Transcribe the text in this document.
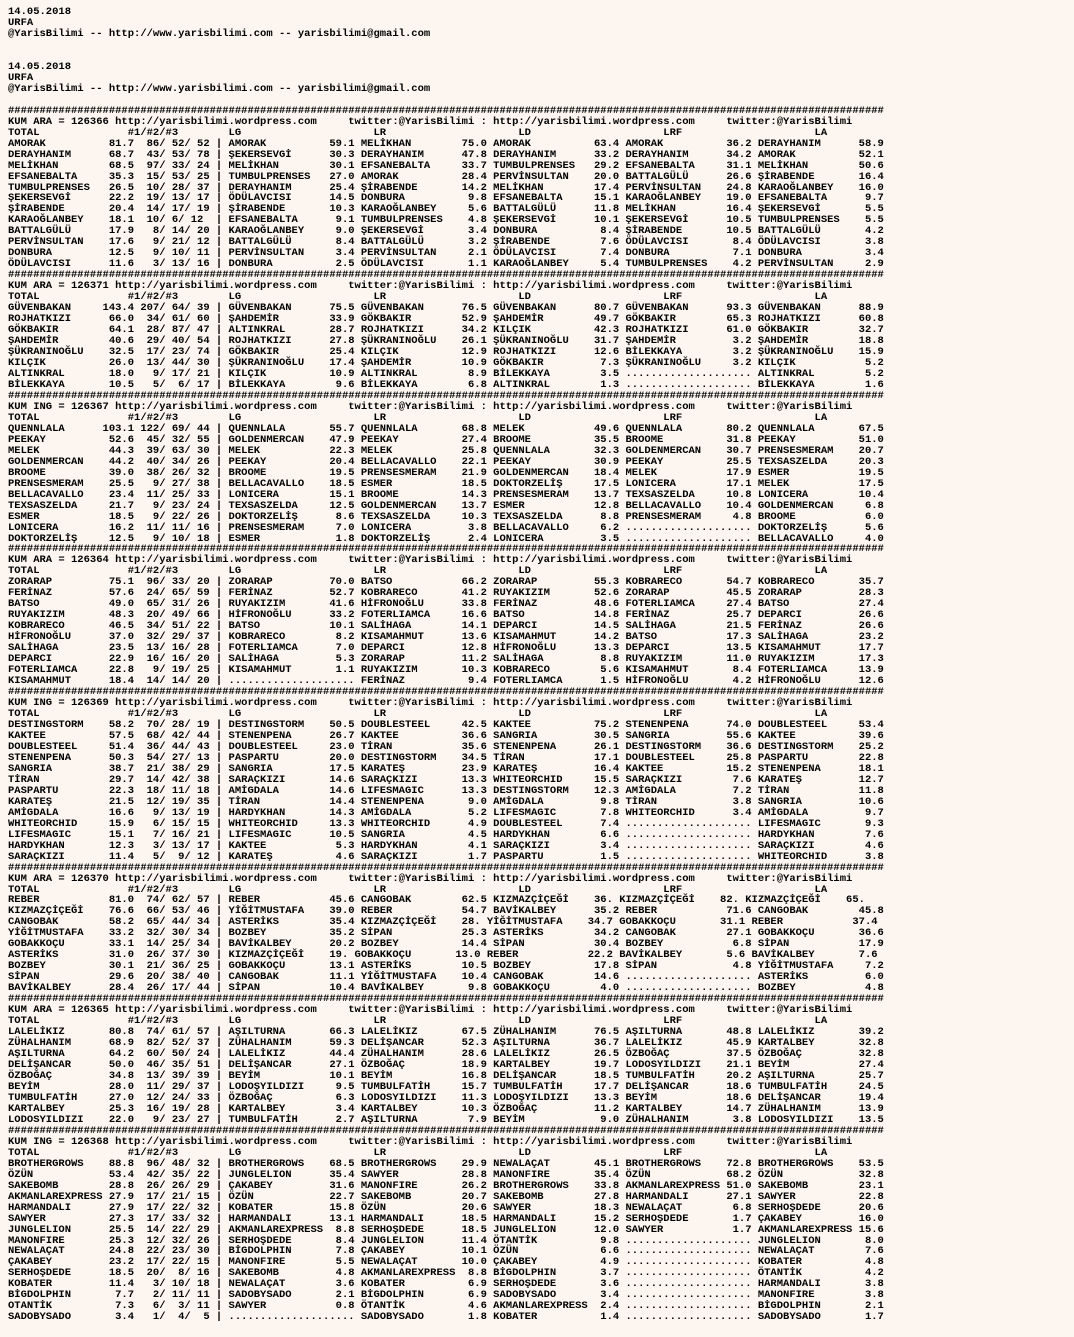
14.05.2018
URFA
@YarisBilimi -- http://www.yarisbilimi.com -- yarisbilimi@gmail.com

14.05.2018
URFA
@YarisBilimi -- http://www.yarisbilimi.com -- yarisbilimi@gmail.com

###########################################################################################################################################
KUM ARA = 126366 http://yarisbilimi.wordpress.com     twitter:@YarisBilimi : http://yarisbilimi.wordpress.com     twitter:@YarisBilimi
TOTAL              #1/#2/#3        LG                     LR                     LD                     LRF                     LA
AMORAK          81.7  86/ 52/ 52 | AMORAK          59.1 MELİKHAN        75.0 AMORAK          63.4 AMORAK          36.2 DERAYHANIM      58.9
DERAYHANIM      68.7  43/ 53/ 78 | ŞEKERSEVGİ      30.3 DERAYHANIM      47.8 DERAYHANIM      33.2 DERAYHANIM      34.2 AMORAK          52.1
MELİKHAN        68.5  97/ 33/ 24 | MELİKHAN        30.1 EFSANEBALTA     33.7 TUMBULPRENSES   29.2 EFSANEBALTA     31.1 MELİKHAN        50.6
EFSANEBALTA     35.3  15/ 53/ 25 | TUMBULPRENSES   27.0 AMORAK          28.4 PERVİNSULTAN    20.0 BATTALGÜLÜ      26.6 ŞİRABENDE       16.4
TUMBULPRENSES   26.5  10/ 28/ 37 | DERAYHANIM      25.4 ŞİRABENDE       14.2 MELİKHAN        17.4 PERVİNSULTAN    24.8 KARAOĞLANBEY    16.0
ŞEKERSEVGİ      22.2  19/ 13/ 17 | ÖDÜLAVCISI      14.5 DONBURA          9.8 EFSANEBALTA     15.1 KARAOĞLANBEY    19.0 EFSANEBALTA      9.7
ŞİRABENDE       20.4  14/ 17/ 19 | ŞİRABENDE       10.3 KARAOĞLANBEY     5.6 BATTALGÜLÜ      11.8 MELİKHAN        16.4 ŞEKERSEVGİ       5.5
KARAOĞLANBEY    18.1  10/ 6/ 12  | EFSANEBALTA      9.1 TUMBULPRENSES    4.8 ŞEKERSEVGİ      10.1 ŞEKERSEVGİ      10.5 TUMBULPRENSES    5.5
BATTALGÜLÜ      17.9   8/ 14/ 20 | KARAOĞLANBEY     9.0 ŞEKERSEVGİ       3.4 DONBURA          8.4 ŞİRABENDE       10.5 BATTALGÜLÜ       4.2
PERVİNSULTAN    17.6   9/ 21/ 12 | BATTALGÜLÜ       8.4 BATTALGÜLÜ       3.2 ŞİRABENDE        7.6 ÖDÜLAVCISI       8.4 ÖDÜLAVCISI       3.8
DONBURA         12.5   9/ 10/ 11 | PERVİNSULTAN     3.4 PERVİNSULTAN     2.1 ÖDÜLAVCISI       7.4 DONBURA          7.1 DONBURA          3.4
ÖDÜLAVCISI      11.6   3/ 13/ 16 | DONBURA          2.5 ÖDÜLAVCISI       1.1 KARAOĞLANBEY     5.4 TUMBULPRENSES    4.2 PERVİNSULTAN     2.9
###########################################################################################################################################
KUM ARA = 126371 http://yarisbilimi.wordpress.com     twitter:@YarisBilimi : http://yarisbilimi.wordpress.com     twitter:@YarisBilimi
TOTAL              #1/#2/#3        LG                     LR                     LD                     LRF                     LA
GÜVENBAKAN     143.4 207/ 64/ 39 | GÜVENBAKAN      75.5 GÜVENBAKAN      76.5 GÜVENBAKAN      80.7 GÜVENBAKAN      93.3 GÜVENBAKAN      88.9
ROJHATKIZI      66.0  34/ 61/ 60 | ŞAHDEMİR        33.9 GÖKBAKIR        52.9 ŞAHDEMİR        49.7 GÖKBAKIR        65.3 ROJHATKIZI      60.8
GÖKBAKIR        64.1  28/ 87/ 47 | ALTINKRAL       28.7 ROJHATKIZI      34.2 KILÇIK          42.3 ROJHATKIZI      61.0 GÖKBAKIR        32.7
ŞAHDEMİR        40.6  29/ 40/ 54 | ROJHATKIZI      27.8 ŞÜKRANINOĞLU    26.1 ŞÜKRANINOĞLU    31.7 ŞAHDEMİR         3.2 ŞAHDEMİR        18.8
ŞÜKRANINOĞLU    32.5  17/ 23/ 74 | GÖKBAKIR        25.4 KILÇIK          12.9 ROJHATKIZI      12.6 BİLEKKAYA        3.2 ŞÜKRANINOĞLU    15.9
KILÇIK          26.0  13/ 44/ 30 | ŞÜKRANINOĞLU    17.4 ŞAHDEMİR        10.9 GÖKBAKIR         7.3 ŞÜKRANINOĞLU     3.2 KILÇIK           5.2
ALTINKRAL       18.0   9/ 17/ 21 | KILÇIK          10.9 ALTINKRAL        8.9 BİLEKKAYA        3.5 .................... ALTINKRAL        5.2
BİLEKKAYA       10.5   5/  6/ 17 | BİLEKKAYA        9.6 BİLEKKAYA        6.8 ALTINKRAL        1.3 .................... BİLEKKAYA        1.6
###########################################################################################################################################
KUM ING = 126367 http://yarisbilimi.wordpress.com     twitter:@YarisBilimi : http://yarisbilimi.wordpress.com     twitter:@YarisBilimi
TOTAL              #1/#2/#3        LG                     LR                     LD                     LRF                     LA
QUENNLALA      103.1 122/ 69/ 44 | QUENNLALA       55.7 QUENNLALA       68.8 MELEK           49.6 QUENNLALA       80.2 QUENNLALA       67.5
PEEKAY          52.6  45/ 32/ 55 | GOLDENMERCAN    47.9 PEEKAY          27.4 BROOME          35.5 BROOME          31.8 PEEKAY          51.0
MELEK           44.3  39/ 63/ 30 | MELEK           22.3 MELEK           25.8 QUENNLALA       32.3 GOLDENMERCAN    30.7 PRENSESMERAM    20.7
GOLDENMERCAN    44.2  40/ 34/ 26 | PEEKAY          20.4 BELLACAVALLO    22.1 PEEKAY          30.9 PEEKAY          25.5 TEXSASZELDA     20.3
BROOME          39.0  38/ 26/ 32 | BROOME          19.5 PRENSESMERAM    21.9 GOLDENMERCAN    18.4 MELEK           17.9 ESMER           19.5
PRENSESMERAM    25.5   9/ 27/ 38 | BELLACAVALLO    18.5 ESMER           18.5 DOKTORZELİŞ     17.5 LONICERA        17.1 MELEK           17.5
BELLACAVALLO    23.4  11/ 25/ 33 | LONICERA        15.1 BROOME          14.3 PRENSESMERAM    13.7 TEXSASZELDA     10.8 LONICERA        10.4
TEXSASZELDA     21.7   9/ 23/ 24 | TEXSASZELDA     12.5 GOLDENMERCAN    13.7 ESMER           12.8 BELLACAVALLO    10.4 GOLDENMERCAN     6.8
ESMER           18.5   9/ 22/ 26 | DOKTORZELİŞ      8.6 TEXSASZELDA     10.3 TEXSASZELDA      8.8 PRENSESMERAM     4.8 BROOME           6.0
LONICERA        16.2  11/ 11/ 16 | PRENSESMERAM     7.0 LONICERA         3.8 BELLACAVALLO     6.2 .................... DOKTORZELİŞ      5.6
DOKTORZELİŞ     12.5   9/ 10/ 18 | ESMER            1.8 DOKTORZELİŞ      2.4 LONICERA         3.5 .................... BELLACAVALLO     4.0
###########################################################################################################################################
KUM ARA = 126364 http://yarisbilimi.wordpress.com     twitter:@YarisBilimi : http://yarisbilimi.wordpress.com     twitter:@YarisBilimi
TOTAL              #1/#2/#3        LG                     LR                     LD                     LRF                     LA
ZORARAP         75.1  96/ 33/ 20 | ZORARAP         70.0 BATSO           66.2 ZORARAP         55.3 KOBRARECO       54.7 KOBRARECO       35.7
FERİNAZ         57.6  24/ 65/ 59 | FERİNAZ         52.7 KOBRARECO       41.2 RUYAKIZIM       52.6 ZORARAP         45.5 ZORARAP         28.3
BATSO           49.0  65/ 31/ 26 | RUYAKIZIM       41.6 HİFRONOĞLU      33.8 FERİNAZ         48.6 FOTERLIAMCA     27.4 BATSO           27.4
RUYAKIZIM       48.3  20/ 49/ 66 | HİFRONOĞLU      33.2 FOTERLIAMCA     16.6 BATSO           14.8 FERİNAZ         25.7 DEPARCI         26.6
KOBRARECO       46.5  34/ 51/ 22 | BATSO           10.1 SALİHAGA        14.1 DEPARCI         14.5 SALİHAGA        21.5 FERİNAZ         26.6
HİFRONOĞLU      37.0  32/ 29/ 37 | KOBRARECO        8.2 KISAMAHMUT      13.6 KISAMAHMUT      14.2 BATSO           17.3 SALİHAGA        23.2
SALİHAGA        23.5  13/ 16/ 28 | FOTERLIAMCA      7.0 DEPARCI         12.8 HİFRONOĞLU      13.3 DEPARCI         13.5 KISAMAHMUT      17.7
DEPARCI         22.9  16/ 16/ 20 | SALİHAGA         5.3 ZORARAP         11.2 SALİHAGA         8.8 RUYAKIZIM       11.0 RUYAKIZIM       17.3
FOTERLIAMCA     22.8   9/ 19/ 25 | KISAMAHMUT       1.1 RUYAKIZIM       10.3 KOBRARECO        5.6 KISAMAHMUT       8.4 FOTERLIAMCA     13.9
KISAMAHMUT      18.4  14/ 14/ 20 | .................... FERİNAZ          9.4 FOTERLIAMCA      1.5 HİFRONOĞLU       4.2 HİFRONOĞLU      12.6
###########################################################################################################################################
KUM ING = 126369 http://yarisbilimi.wordpress.com     twitter:@YarisBilimi : http://yarisbilimi.wordpress.com     twitter:@YarisBilimi
TOTAL              #1/#2/#3        LG                     LR                     LD                     LRF                     LA
DESTINGSTORM    58.2  70/ 28/ 19 | DESTINGSTORM    50.5 DOUBLESTEEL     42.5 KAKTEE          75.2 STENENPENA      74.0 DOUBLESTEEL     53.4
KAKTEE          57.5  68/ 42/ 44 | STENENPENA      26.7 KAKTEE          36.6 SANGRIA         30.5 SANGRIA         55.6 KAKTEE          39.6
DOUBLESTEEL     51.4  36/ 44/ 43 | DOUBLESTEEL     23.0 TİRAN           35.6 STENENPENA      26.1 DESTINGSTORM    36.6 DESTINGSTORM    25.2
STENENPENA      50.3  54/ 27/ 13 | PASPARTU        20.0 DESTINGSTORM    34.5 TİRAN           17.1 DOUBLESTEEL     25.8 PASPARTU        22.8
SANGRIA         38.7  21/ 38/ 29 | SANGRIA         17.5 KARATEŞ         23.9 KARATEŞ         16.4 KAKTEE          15.2 STENENPENA      18.1
TİRAN           29.7  14/ 42/ 38 | SARAÇKIZI       14.6 SARAÇKIZI       13.3 WHITEORCHID     15.5 SARAÇKIZI        7.6 KARATEŞ         12.7
PASPARTU        22.3  18/ 11/ 18 | AMİGDALA        14.6 LIFESMAGIC      13.3 DESTINGSTORM    12.3 AMİGDALA         7.2 TİRAN           11.8
KARATEŞ         21.5  12/ 19/ 35 | TİRAN           14.4 STENENPENA       9.0 AMİGDALA         9.8 TİRAN            3.8 SANGRIA         10.6
AMİGDALA        16.6   9/ 13/ 19 | HARDYKHAN       14.3 AMİGDALA         5.2 LIFESMAGIC       7.8 WHITEORCHID      3.4 AMİGDALA         9.7
WHITEORCHID     15.9   6/ 15/ 15 | WHITEORCHID     13.3 WHITEORCHID      4.9 DOUBLESTEEL      7.4 .................... LIFESMAGIC       9.3
LIFESMAGIC      15.1   7/ 16/ 21 | LIFESMAGIC      10.5 SANGRIA          4.5 HARDYKHAN        6.6 .................... HARDYKHAN        7.6
HARDYKHAN       12.3   3/ 13/ 17 | KAKTEE           5.3 HARDYKHAN        4.1 SARAÇKIZI        3.4 .................... SARAÇKIZI        4.6
SARAÇKIZI       11.4   5/  9/ 12 | KARATEŞ          4.6 SARAÇKIZI        1.7 PASPARTU         1.5 .................... WHITEORCHID      3.8
###########################################################################################################################################
KUM ARA = 126370 http://yarisbilimi.wordpress.com     twitter:@YarisBilimi : http://yarisbilimi.wordpress.com     twitter:@YarisBilimi
TOTAL              #1/#2/#3        LG                     LR                     LD                     LRF                     LA
REBER           81.0  74/ 62/ 57 | REBER           45.6 CANGOBAK        62.5 KIZMAZÇİÇEĞİ    36. KIZMAZÇİÇEĞİ    82. KIZMAZÇİÇEĞİ    65.
KIZMAZÇİÇEĞİ    76.6  66/ 53/ 46 | YİĞİTMUSTAFA    39.0 REBER           54.7 BAVİKALBEY      35.2 REBER           71.6 CANGOBAK        45.8
CANGOBAK        58.2  65/ 44/ 34 | ASTERİKS        35.4 KIZMAZÇİÇEĞİ    28. YİĞİTMUSTAFA    34.7 GOBAKKOÇU       31.1 REBER           37.4
YİĞİTMUSTAFA    33.2  32/ 30/ 34 | BOZBEY          35.2 SİPAN           25.3 ASTERİKS        34.2 CANGOBAK        27.1 GOBAKKOÇU       36.6
GOBAKKOÇU       33.1  14/ 25/ 34 | BAVİKALBEY      20.2 BOZBEY          14.4 SİPAN           30.4 BOZBEY           6.8 SİPAN           17.9
ASTERİKS        31.0  26/ 37/ 30 | KIZMAZÇİÇEĞİ    19. GOBAKKOÇU       13.0 REBER           22.2 BAVİKALBEY       5.6 BAVİKALBEY       7.6
BOZBEY          30.1  21/ 36/ 25 | GOBAKKOÇU       13.1 ASTERİKS        10.5 BOZBEY          17.8 SİPAN            4.8 YİĞİTMUSTAFA     7.2
SİPAN           29.6  20/ 38/ 40 | CANGOBAK        11.1 YİĞİTMUSTAFA    10.4 CANGOBAK        14.6 .................... ASTERİKS         6.0
BAVİKALBEY      28.4  26/ 17/ 44 | SİPAN           10.4 BAVİKALBEY       9.8 GOBAKKOÇU        4.0 .................... BOZBEY           4.8
###########################################################################################################################################
KUM ARA = 126365 http://yarisbilimi.wordpress.com     twitter:@YarisBilimi : http://yarisbilimi.wordpress.com     twitter:@YarisBilimi
TOTAL              #1/#2/#3        LG                     LR                     LD                     LRF                     LA
LALELİKIZ       80.8  74/ 61/ 57 | AŞILTURNA       66.3 LALELİKIZ       67.5 ZÜHALHANIM      76.5 AŞILTURNA       48.8 LALELİKIZ       39.2
ZÜHALHANIM      68.9  82/ 52/ 37 | ZÜHALHANIM      59.3 DELİŞANCAR      52.3 AŞILTURNA       36.7 LALELİKIZ       45.9 KARTALBEY       32.8
AŞILTURNA       64.2  60/ 50/ 24 | LALELİKIZ       44.4 ZÜHALHANIM      28.6 LALELİKIZ       26.5 ÖZBOĞAÇ         37.5 ÖZBOĞAÇ         32.8
DELİŞANCAR      50.0  46/ 35/ 51 | DELİŞANCAR      27.1 ÖZBOĞAÇ         18.9 KARTALBEY       19.7 LODOSYILDIZI    21.1 BEYİM           27.4
ÖZBOĞAÇ         34.8  13/ 39/ 39 | BEYİM           10.1 BEYİM           16.8 DELİŞANCAR      18.5 TUMBULFATİH     20.2 AŞILTURNA       25.7
BEYİM           28.0  11/ 29/ 37 | LODOŞYILDIZI     9.5 TUMBULFATİH     15.7 TUMBULFATİH     17.7 DELİŞANCAR      18.6 TUMBULFATİH     24.5
TUMBULFATİH     27.0  12/ 24/ 33 | ÖZBOĞAÇ          6.3 LODOSYILDIZI    11.3 LODOŞYILDIZI    13.3 BEYİM           18.6 DELİŞANCAR      19.4
KARTALBEY       25.3  16/ 19/ 28 | KARTALBEY        3.4 KARTALBEY       10.3 ÖZBOĞAÇ         11.2 KARTALBEY       14.7 ZÜHALHANIM      13.9
LODOSYILDIZI    22.0   9/ 23/ 27 | TUMBULFATİH      2.7 AŞILTURNA        7.9 BEYİM            9.0 ZÜHALHANIM       3.8 LODOSYILDIZI    13.5
###########################################################################################################################################
KUM ING = 126368 http://yarisbilimi.wordpress.com     twitter:@YarisBilimi : http://yarisbilimi.wordpress.com     twitter:@YarisBilimi
TOTAL              #1/#2/#3        LG                     LR                     LD                     LRF                     LA
BROTHERGROWS    88.8  96/ 48/ 32 | BROTHERGROWS    68.5 BROTHERGROWS    29.9 NEWALAÇAT       45.1 BROTHERGROWS    72.8 BROTHERGROWS    53.5
ÖZÜN            53.4  42/ 35/ 22 | JUNGLELION      35.4 SAWYER          28.8 MANONFIRE       35.4 ÖZÜN            68.2 ÖZÜN            32.8
SAKEBOMB        28.8  26/ 26/ 29 | ÇAKABEY         31.6 MANONFIRE       26.2 BROTHERGROWS    33.8 AKMANLAREXPRESS 51.0 SAKEBOMB        23.1
AKMANLAREXPRESS 27.9  17/ 21/ 15 | ÖZÜN            22.7 SAKEBOMB        20.7 SAKEBOMB        27.8 HARMANDALI      27.1 SAWYER          22.8
HARMANDALI      27.9  17/ 22/ 32 | KOBATER         15.8 ÖZÜN            20.6 SAWYER          18.3 NEWALAÇAT        6.8 SERHOŞDEDE      20.6
SAWYER          27.3  17/ 33/ 32 | HARMANDALI      13.1 HARMANDALI      18.5 HARMANDALI      15.2 SERHOŞDEDE       1.7 ÇAKABEY         16.0
JUNGLELION      25.5  14/ 22/ 29 | AKMANLAREXPRESS  8.8 SERHOŞDEDE      18.5 JUNGLELION      12.0 SAWYER           1.7 AKMANLAREXPRESS 15.6
MANONFIRE       25.3  12/ 32/ 26 | SERHOŞDEDE       8.4 JUNGLELION      11.4 ÖTANTİK          9.8 .................... JUNGLELION       8.0
NEWALAÇAT       24.8  22/ 23/ 30 | BİGDOLPHIN       7.8 ÇAKABEY         10.1 ÖZÜN             6.6 .................... NEWALAÇAT        7.6
ÇAKABEY         23.2  17/ 22/ 15 | MANONFIRE        5.5 NEWALAÇAT       10.0 ÇAKABEY          4.9 .................... KOBATER          4.8
SERHOŞDEDE      18.5  20/  8/ 16 | SAKEBOMB         4.8 AKMANLAREXPRESS  8.8 BİGDOLPHIN       3.7 .................... ÖTANTİK          4.2
KOBATER         11.4   3/ 10/ 18 | NEWALAÇAT        3.6 KOBATER          6.9 SERHOŞDEDE       3.6 .................... HARMANDALI       3.8
BİGDOLPHIN       7.7   2/ 11/ 11 | SADOBYSADO       2.1 BİGDOLPHIN       6.9 SADOBYSADO       3.4 .................... MANONFIRE        3.8
OTANTİK          7.3   6/  3/ 11 | SAWYER           0.8 ÖTANTİK          4.6 AKMANLAREXPRESS  2.4 .................... BİGDOLPHIN       2.1
SADOBYSADO       3.4   1/  4/  5 | .................... SADOBYSADO       1.8 KOBATER          1.4 .................... SADOBYSADO       1.7
